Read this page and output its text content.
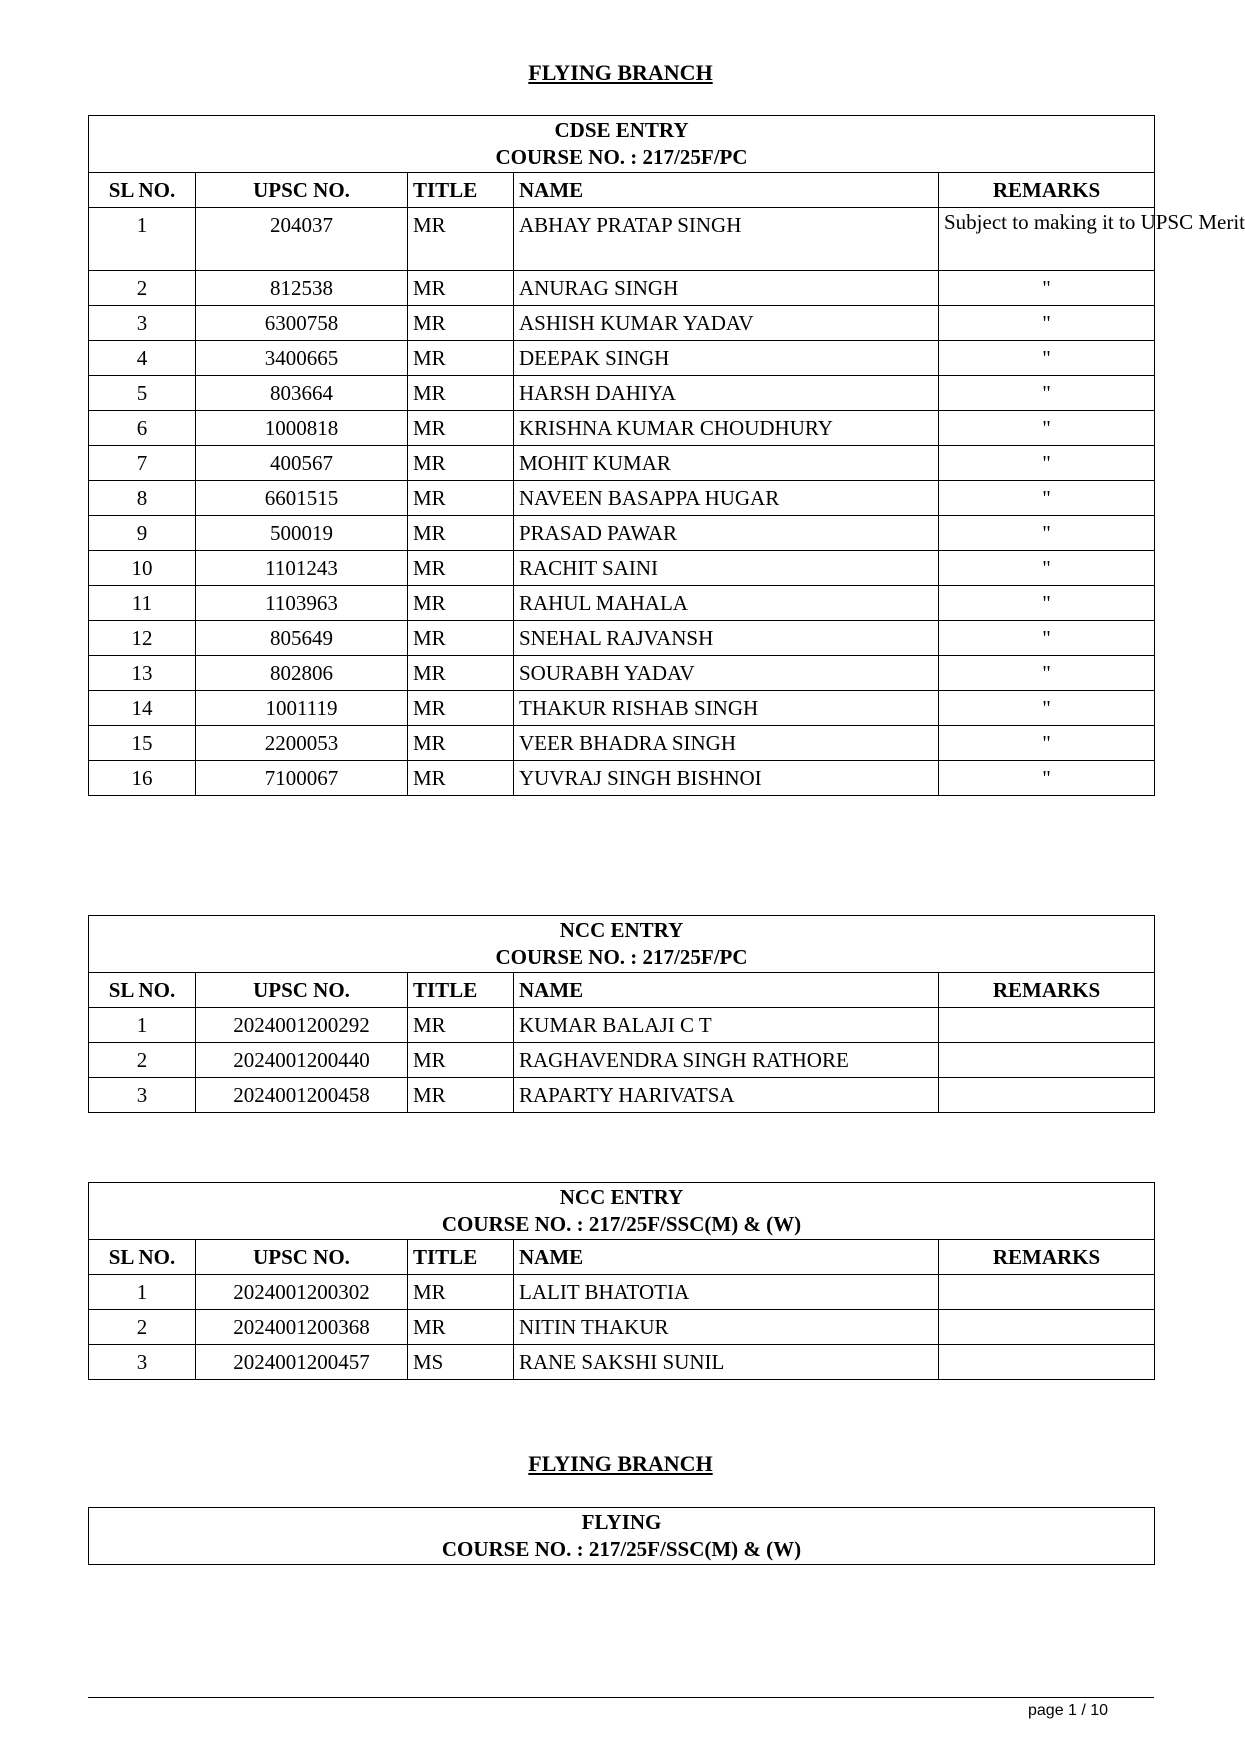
FLYING BRANCH
CDSE ENTRY
COURSE NO. : 217/25F/PC				

SL NO.	UPSC NO.	TITLE	NAME	REMARKS
1	204037	MR	ABHAY PRATAP SINGH	Subject to making it to UPSC Merit
2	812538	MR	ANURAG SINGH	"
3	6300758	MR	ASHISH KUMAR YADAV	"
4	3400665	MR	DEEPAK SINGH	"
5	803664	MR	HARSH DAHIYA	"
6	1000818	MR	KRISHNA KUMAR CHOUDHURY	"
7	400567	MR	MOHIT KUMAR	"
8	6601515	MR	NAVEEN BASAPPA HUGAR	"
9	500019	MR	PRASAD PAWAR	"
10	1101243	MR	RACHIT SAINI	"
11	1103963	MR	RAHUL MAHALA	"
12	805649	MR	SNEHAL RAJVANSH	"
13	802806	MR	SOURABH YADAV	"
14	1001119	MR	THAKUR RISHAB SINGH	"
15	2200053	MR	VEER BHADRA SINGH	"
16	7100067	MR	YUVRAJ SINGH BISHNOI	"
NCC ENTRY
COURSE NO. : 217/25F/PC				

SL NO.	UPSC NO.	TITLE	NAME	REMARKS
1	2024001200292	MR	KUMAR BALAJI C T	
2	2024001200440	MR	RAGHAVENDRA SINGH RATHORE	
3	2024001200458	MR	RAPARTY HARIVATSA	
NCC ENTRY
COURSE NO. : 217/25F/SSC(M) & (W)				

SL NO.	UPSC NO.	TITLE	NAME	REMARKS
1	2024001200302	MR	LALIT BHATOTIA	
2	2024001200368	MR	NITIN THAKUR	
3	2024001200457	MS	RANE SAKSHI SUNIL	
FLYING BRANCH
FLYING
COURSE NO. : 217/25F/SSC(M) & (W)
page 1 / 10
